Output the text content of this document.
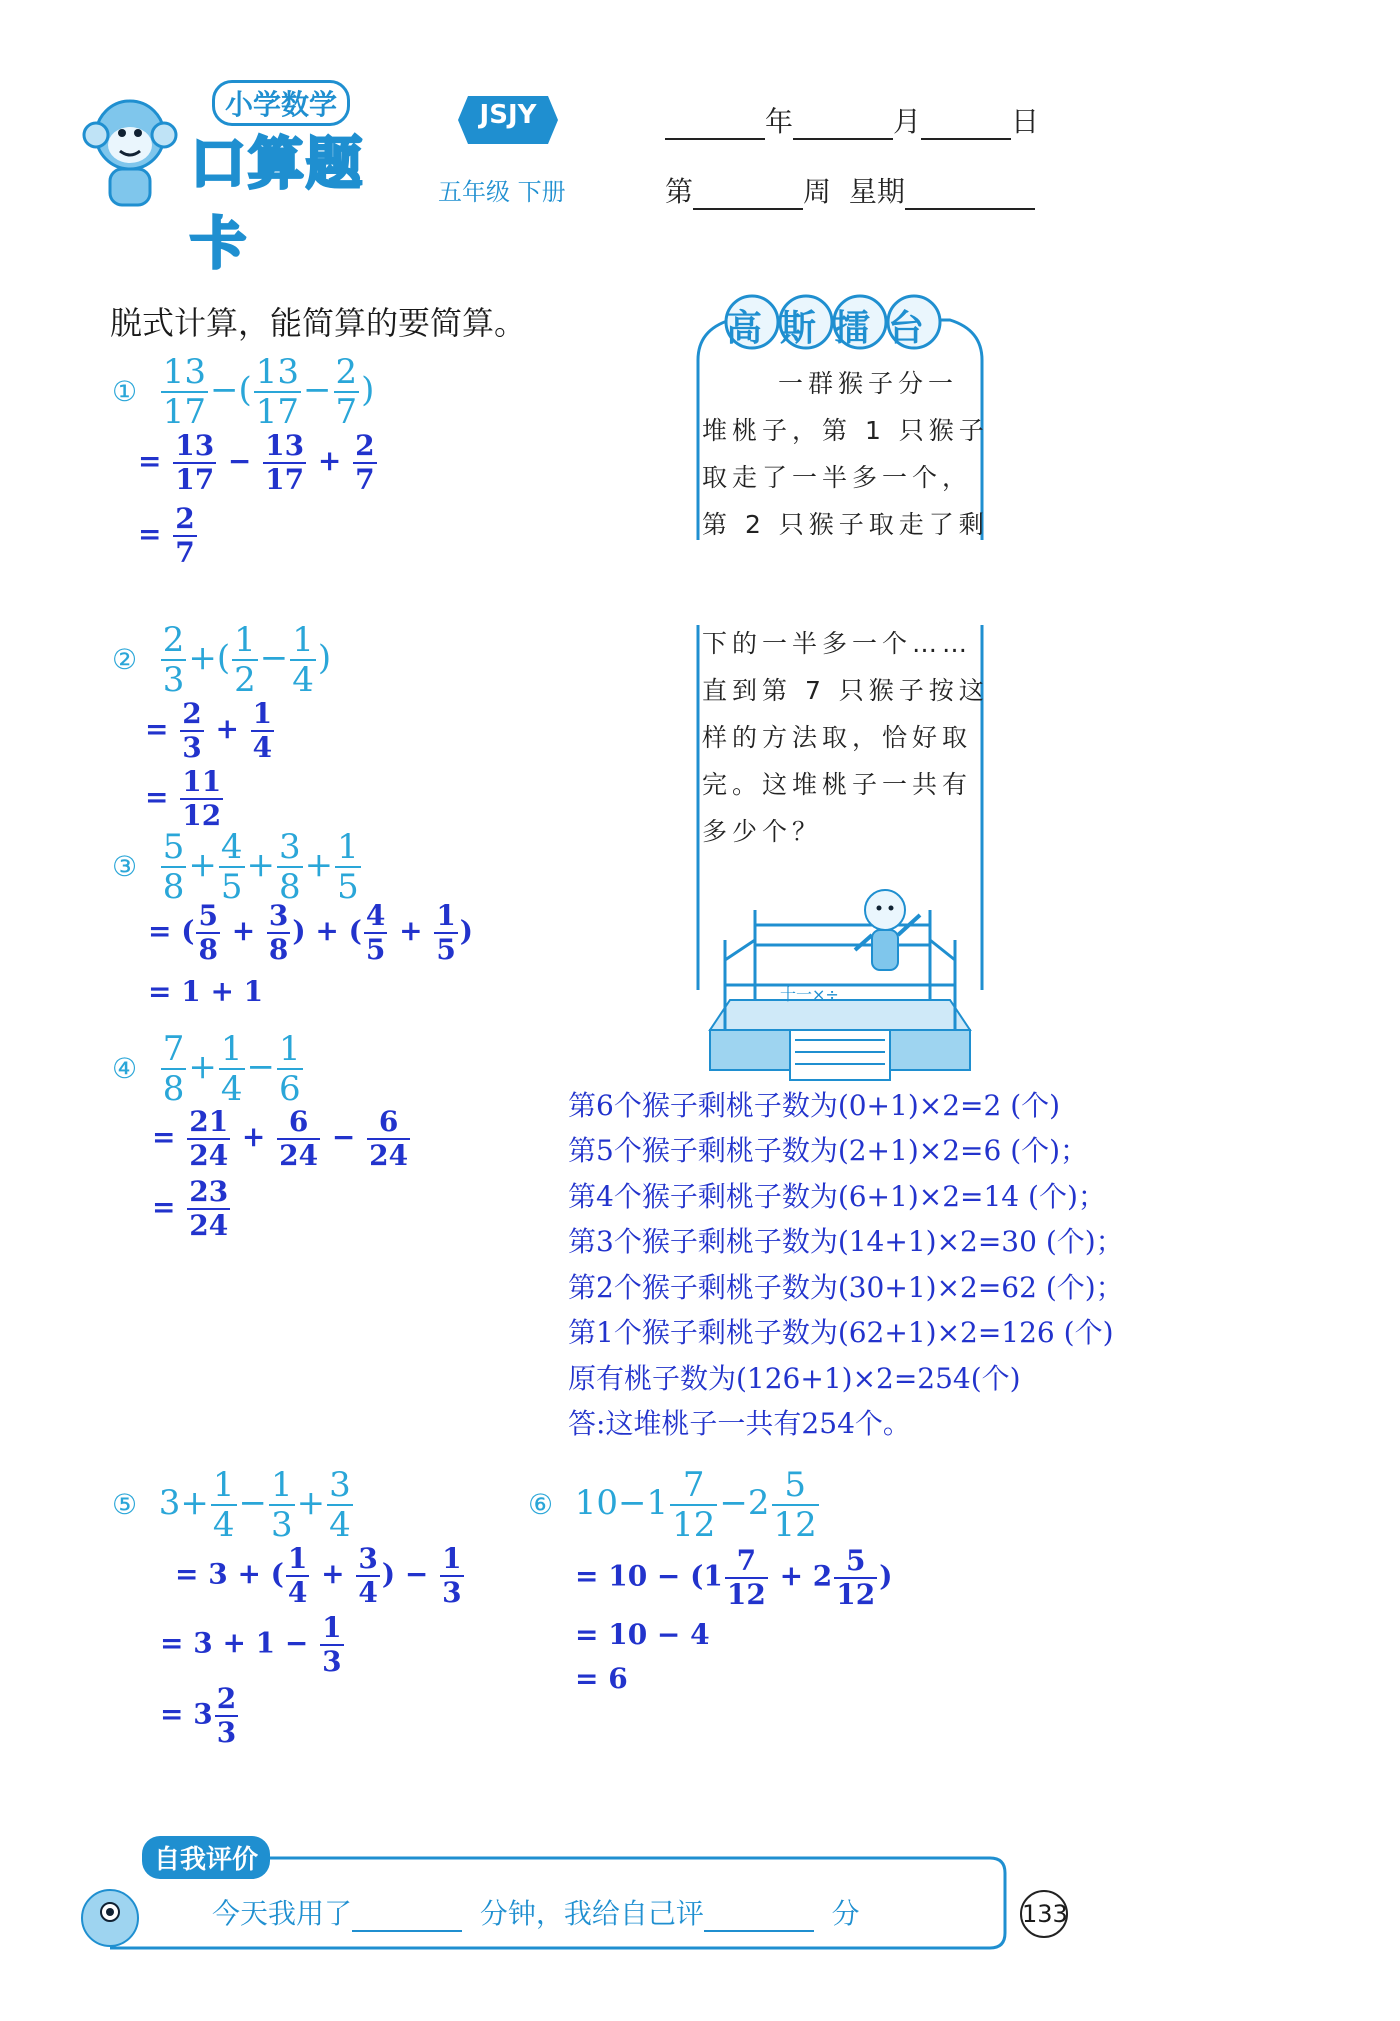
小学数学
口算题卡
JSJY
五年级 下册
年	月	日
第	周 星期
脱式计算，能简算的要简算。
① $\frac{13}{17}$ −( $\frac{13}{17} - \frac{2}{7}$ )
= $\frac{13}{17} - \frac{13}{17} + \frac{2}{7}$
= $\frac{2}{7}$
② $\frac{2}{3}$ +( $\frac{1}{2} - \frac{1}{4}$ )
= $\frac{2}{3} + \frac{1}{4}$
= $\frac{11}{12}$
③ $\frac{5}{8} + \frac{4}{5} + \frac{3}{8} + \frac{1}{5}$
= ( $\frac{5}{8} + \frac{3}{8}$ ) + ( $\frac{4}{5} + \frac{1}{5}$ )
= 1 + 1
④ $\frac{7}{8} + \frac{1}{4} - \frac{1}{6}$
= $\frac{21}{24} + \frac{6}{24} - \frac{6}{24}$
= $\frac{23}{24}$
⑤  $3+ \frac{1}{4} - \frac{1}{3} + \frac{3}{4}$
= 3 + ( $\frac{1}{4} + \frac{3}{4}$ ) − $\frac{1}{3}$
= $3 + 1 - \frac{1}{3}$
= $3 \frac{2}{3}$
⑥  $10-1 \frac{7}{12} -2 \frac{5}{12}$
= $10 - (1 \frac{7}{12} + 2 \frac{5}{12}$ )
= 10 − 4
= 6
高斯擂台
一群猴子分一
堆桃子，第 1 只猴子
取走了一半多一个，
第 2 只猴子取走了剩
下的一半多一个……
直到第 7 只猴子按这
样的方法取，恰好取
完。这堆桃子一共有
多少个？
十一×÷
第6个猴子剩桃子数为(0+1)×2=2 (个)
第5个猴子剩桃子数为(2+1)×2=6 (个)；
第4个猴子剩桃子数为(6+1)×2=14 (个)；
第3个猴子剩桃子数为(14+1)×2=30 (个)；
第2个猴子剩桃子数为(30+1)×2=62 (个)；
第1个猴子剩桃子数为(62+1)×2=126 (个)
原有桃子数为(126+1)×2=254(个)
答:这堆桃子一共有254个。
自我评价
今天我用了	分钟，我给自己评	分	133
